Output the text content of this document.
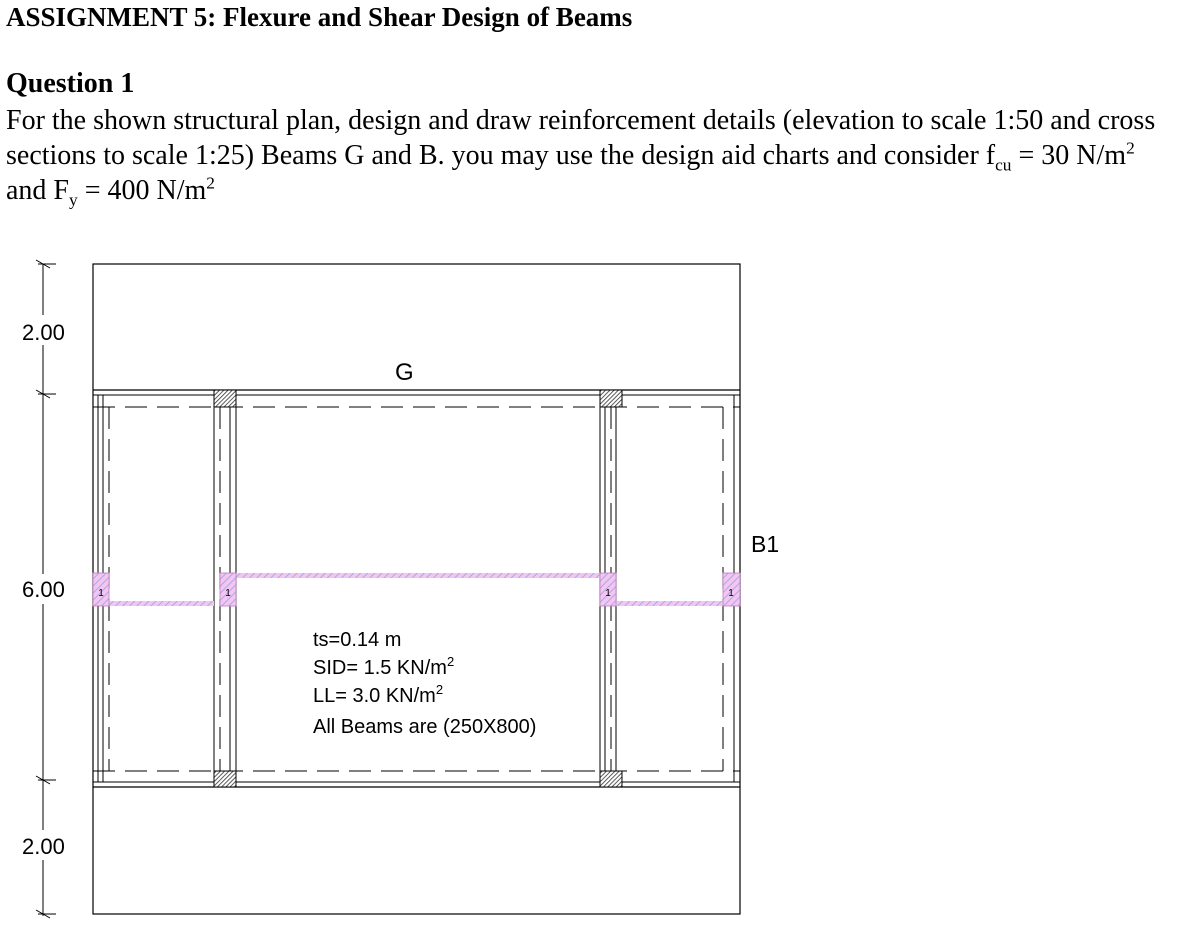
ASSIGNMENT 5: Flexure and Shear Design of Beams
Question 1

For the shown structural plan, design and draw reinforcement details (elevation to scale 1:50 and cross sections to scale 1:25) Beams G and B. you may use the design aid charts and consider $f_{cu} = 30$ $N/m^2$ and $F_y = 400$ $N/m^2$

2.00
6.00
2.00
1	1	1	1
G
B1
ts=0.14 m
SID= 1.5 $KN/m^2$
LL= 3.0 $KN/m^2$
All Beams are (250X800)
